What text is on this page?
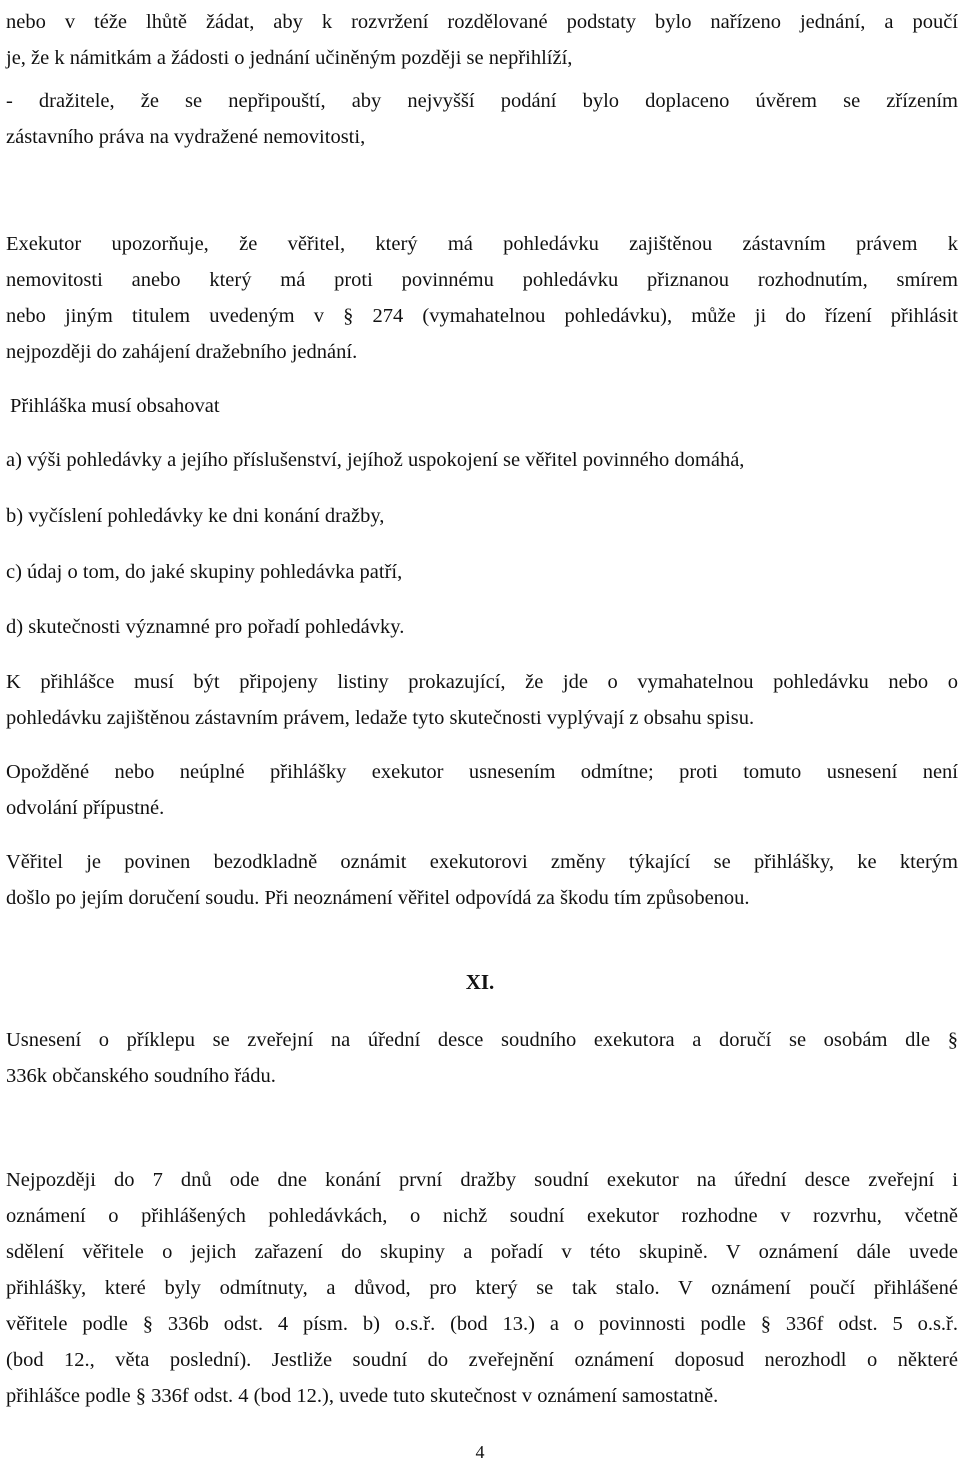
nebo v téže lhůtě žádat, aby k rozvržení rozdělované podstaty bylo nařízeno jednání, a poučí
je, že k námitkám a žádosti o jednání učiněným později se nepřihlíží,
- dražitele, že se nepřipouští, aby nejvyšší podání bylo doplaceno úvěrem se zřízením
zástavního práva na vydražené nemovitosti,
Exekutor upozorňuje, že věřitel, který má pohledávku zajištěnou zástavním právem k
nemovitosti anebo který má proti povinnému pohledávku přiznanou rozhodnutím, smírem
nebo jiným titulem uvedeným v § 274 (vymahatelnou pohledávku), může ji do řízení přihlásit
nejpozději do zahájení dražebního jednání.
Přihláška musí obsahovat
a) výši pohledávky a jejího příslušenství, jejíhož uspokojení se věřitel povinného domáhá,
b) vyčíslení pohledávky ke dni konání dražby,
c) údaj o tom, do jaké skupiny pohledávka patří,
d) skutečnosti významné pro pořadí pohledávky.
K přihlášce musí být připojeny listiny prokazující, že jde o vymahatelnou pohledávku nebo o
pohledávku zajištěnou zástavním právem, ledaže tyto skutečnosti vyplývají z obsahu spisu.
Opožděné nebo neúplné přihlášky exekutor usnesením odmítne; proti tomuto usnesení není
odvolání přípustné.
Věřitel je povinen bezodkladně oznámit exekutorovi změny týkající se přihlášky, ke kterým
došlo po jejím doručení soudu. Při neoznámení věřitel odpovídá za škodu tím způsobenou.
XI.
Usnesení o příklepu se zveřejní na úřední desce soudního exekutora a doručí se osobám dle §
336k občanského soudního řádu.
Nejpozději do 7 dnů ode dne konání první dražby soudní exekutor na úřední desce zveřejní i
oznámení o přihlášených pohledávkách, o nichž soudní exekutor rozhodne v rozvrhu, včetně
sdělení věřitele o jejich zařazení do skupiny a pořadí v této skupině. V oznámení dále uvede
přihlášky, které byly odmítnuty, a důvod, pro který se tak stalo. V oznámení poučí přihlášené
věřitele podle § 336b odst. 4 písm. b) o.s.ř. (bod 13.) a o povinnosti podle § 336f odst. 5 o.s.ř.
(bod 12., věta poslední). Jestliže soudní do zveřejnění oznámení doposud nerozhodl o některé
přihlášce podle § 336f odst. 4 (bod 12.), uvede tuto skutečnost v oznámení samostatně.
4
